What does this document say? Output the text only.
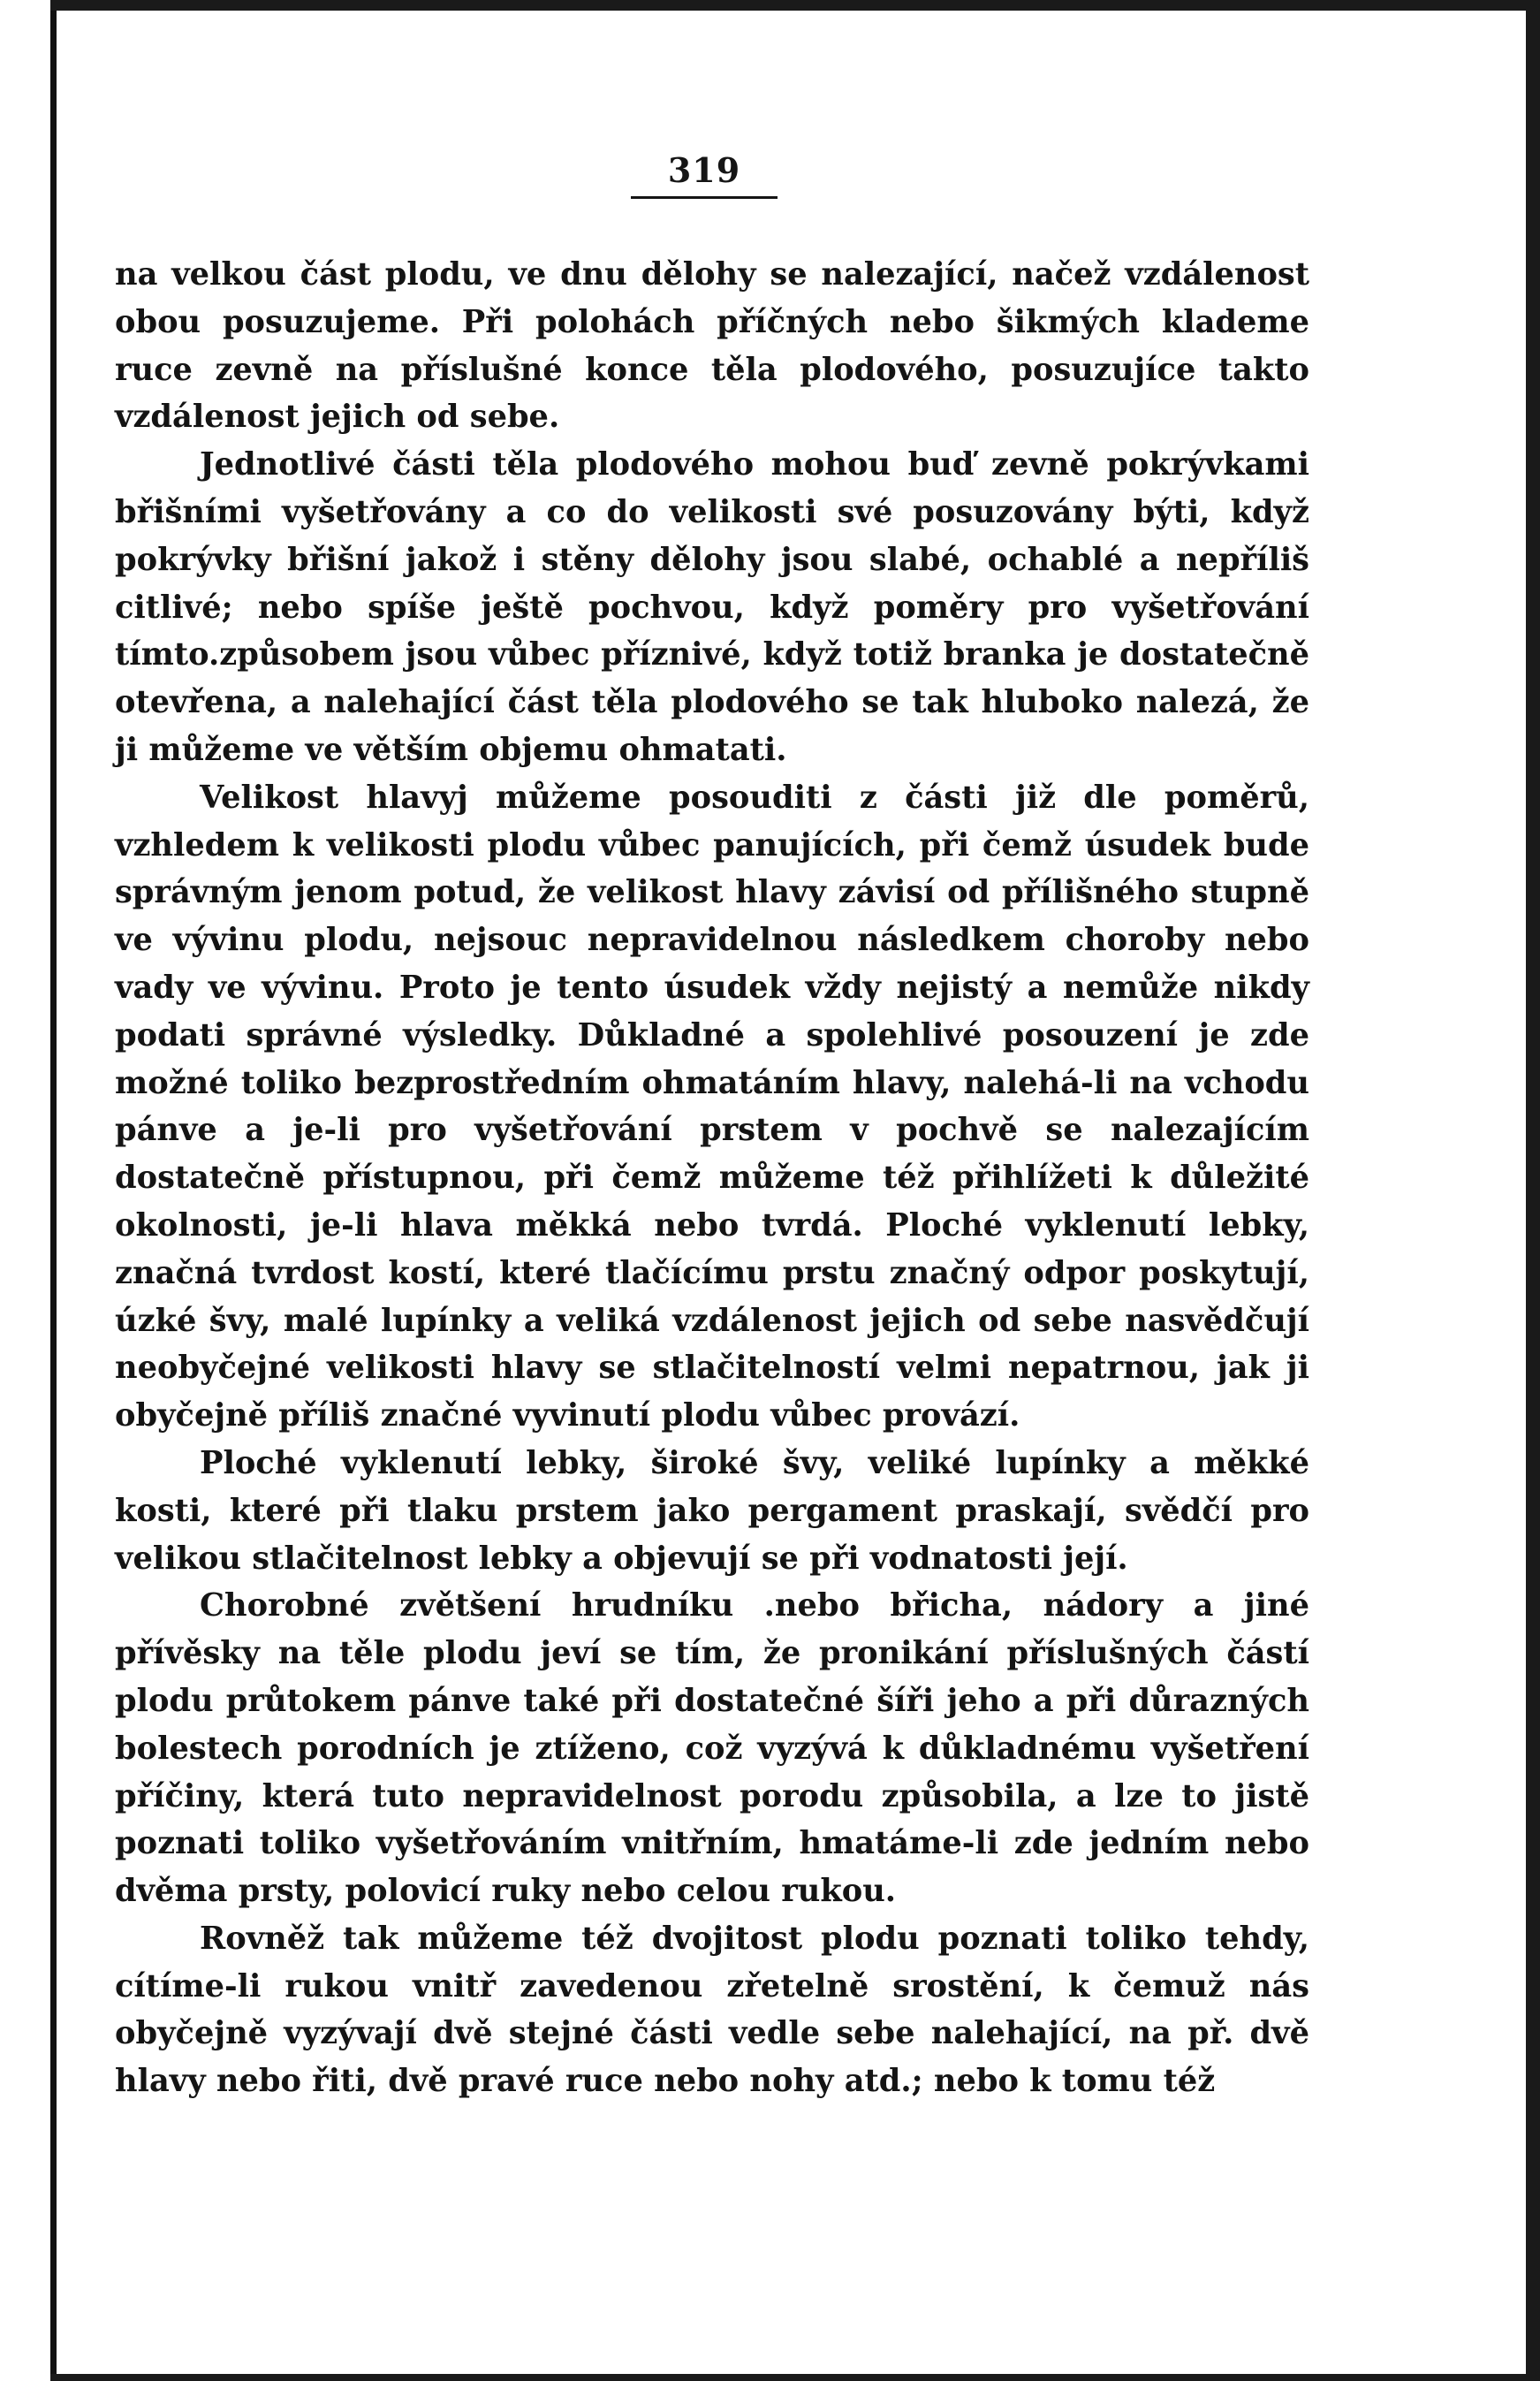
319

na velkou část plodu, ve dnu dělohy se nalezající, načež vzdálenost obou posuzujeme. Při polohách příčných nebo šikmých klademe ruce zevně na příslušné konce těla plodového, posuzujíce takto vzdálenost jejich od sebe.

Jednotlivé části těla plodového mohou buď zevně pokrývkami břišními vyšetřovány a co do velikosti své posuzovány býti, když pokrývky břišní jakož i stěny dělohy jsou slabé, ochablé a nepříliš citlivé; nebo spíše ještě pochvou, když poměry pro vyšetřování tímto.způsobem jsou vůbec příznivé, když totiž branka je dostatečně otevřena, a nalehající část těla plodového se tak hluboko nalezá, že ji můžeme ve větším objemu ohmatati.

Velikost hlavyj můžeme posouditi z části již dle poměrů, vzhledem k velikosti plodu vůbec panujících, při čemž úsudek bude správným jenom potud, že velikost hlavy závisí od přílišného stupně ve vývinu plodu, nejsouc nepravidelnou následkem choroby nebo vady ve vývinu. Proto je tento úsudek vždy nejistý a nemůže nikdy podati správné výsledky. Důkladné a spolehlivé posouzení je zde možné toliko bezprostředním ohmatáním hlavy, nalehá-li na vchodu pánve a je-li pro vyšetřování prstem v pochvě se nalezajícím dostatečně přístupnou, při čemž můžeme též přihlížeti k důležité okolnosti, je-li hlava měkká nebo tvrdá. Ploché vyklenutí lebky, značná tvrdost kostí, které tlačícímu prstu značný odpor poskytují, úzké švy, malé lupínky a veliká vzdálenost jejich od sebe nasvědčují neobyčejné velikosti hlavy se stlačitelností velmi nepatrnou, jak ji obyčejně příliš značné vyvinutí plodu vůbec provází.

Ploché vyklenutí lebky, široké švy, veliké lupínky a měkké kosti, které při tlaku prstem jako pergament praskají, svědčí pro velikou stlačitelnost lebky a objevují se při vodnatosti její.

Chorobné zvětšení hrudníku .nebo břicha, nádory a jiné přívěsky na těle plodu jeví se tím, že pronikání příslušných částí plodu průtokem pánve také při dostatečné šíři jeho a při důrazných bolestech porodních je ztíženo, což vyzývá k důkladnému vyšetření příčiny, která tuto nepravidelnost porodu způsobila, a lze to jistě poznati toliko vyšetřováním vnitřním, hmatáme-li zde jedním nebo dvěma prsty, polovicí ruky nebo celou rukou.

Rovněž tak můžeme též dvojitost plodu poznati toliko tehdy, cítíme-li rukou vnitř zavedenou zřetelně srostění, k čemuž nás obyčejně vyzývají dvě stejné části vedle sebe nalehající, na př. dvě hlavy nebo řiti, dvě pravé ruce nebo nohy atd.; nebo k tomu též
